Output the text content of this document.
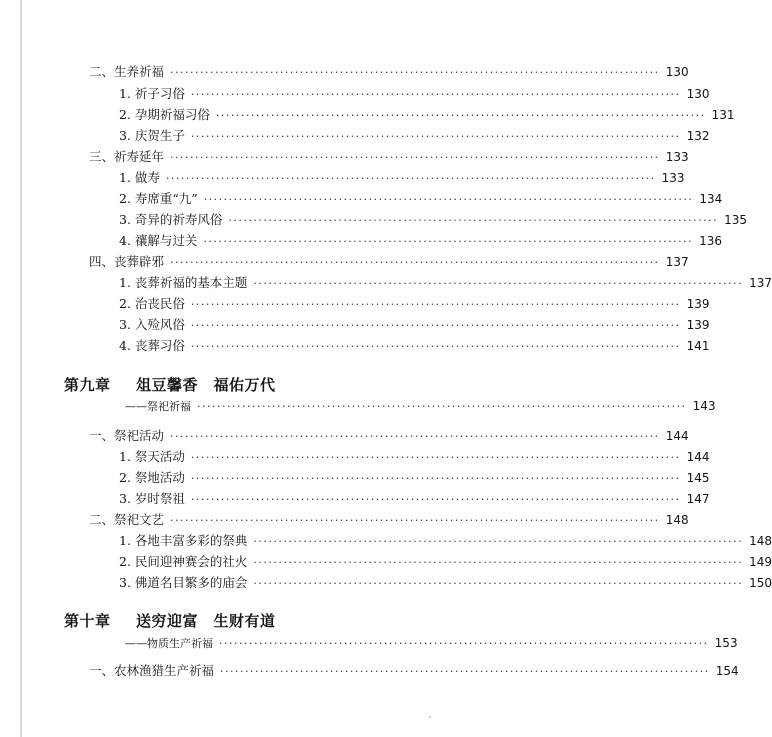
二、生养祈福 ·································································································· 130
1. 祈子习俗 ·································································································· 130
2. 孕期祈福习俗 ·································································································· 131
3. 庆贺生子 ·································································································· 132
三、祈寿延年 ·································································································· 133
1. 做寿 ·································································································· 133
2. 寿席重“九” ·································································································· 134
3. 奇异的祈寿风俗 ·································································································· 135
4. 禳解与过关 ·································································································· 136
四、丧葬辟邪 ·································································································· 137
1. 丧葬祈福的基本主题 ·································································································· 137
2. 治丧民俗 ·································································································· 139
3. 入殓风俗 ·································································································· 139
4. 丧葬习俗 ·································································································· 141
第九章 俎豆馨香　福佑万代
——祭祀祈福 ·································································································· 143
一、祭祀活动 ·································································································· 144
1. 祭天活动 ·································································································· 144
2. 祭地活动 ·································································································· 145
3. 岁时祭祖 ·································································································· 147
二、祭祀文艺 ·································································································· 148
1. 各地丰富多彩的祭典 ·································································································· 148
2. 民间迎神赛会的社火 ·································································································· 149
3. 佛道名目繁多的庙会 ·································································································· 150
第十章 送穷迎富　生财有道
——物质生产祈福 ·································································································· 153
一、农林渔猎生产祈福 ·································································································· 154
